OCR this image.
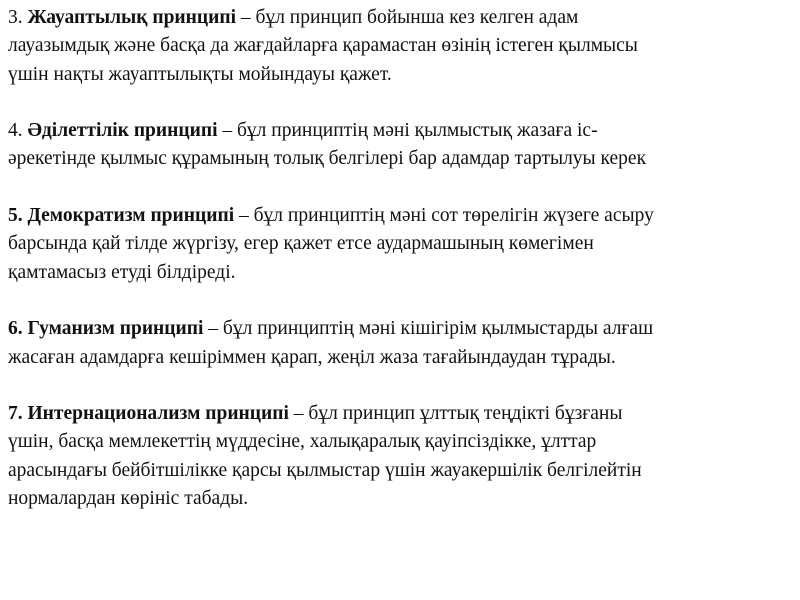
3. Жауаптылық принципі – бұл принцип бойынша кез келген адам
лауазымдық және басқа да жағдайларға қарамастан өзінің істеген қылмысы
үшін нақты жауаптылықты мойындауы қажет.

4. Әділеттілік принципі – бұл принциптің мәні қылмыстық жазаға іс-
әрекетінде қылмыс құрамының толық белгілері бар адамдар тартылуы керек

5. Демократизм принципі – бұл принциптің мәні сот төрелігін жүзеге асыру
барсында қай тілде жүргізу, егер қажет етсе аудармашының көмегімен
қамтамасыз етуді білдіреді.

6. Гуманизм принципі – бұл принциптің мәні кішігірім қылмыстарды алғаш
жасаған адамдарға кешіріммен қарап, жеңіл жаза тағайындаудан тұрады.

7. Интернационализм принципі – бұл принцип ұлттық теңдікті бұзғаны
үшін, басқа мемлекеттің мүддесіне, халықаралық қауіпсіздікке, ұлттар
арасындағы бейбітшілікке қарсы қылмыстар үшін жауакершілік белгілейтін
нормалардан көрініс табады.
